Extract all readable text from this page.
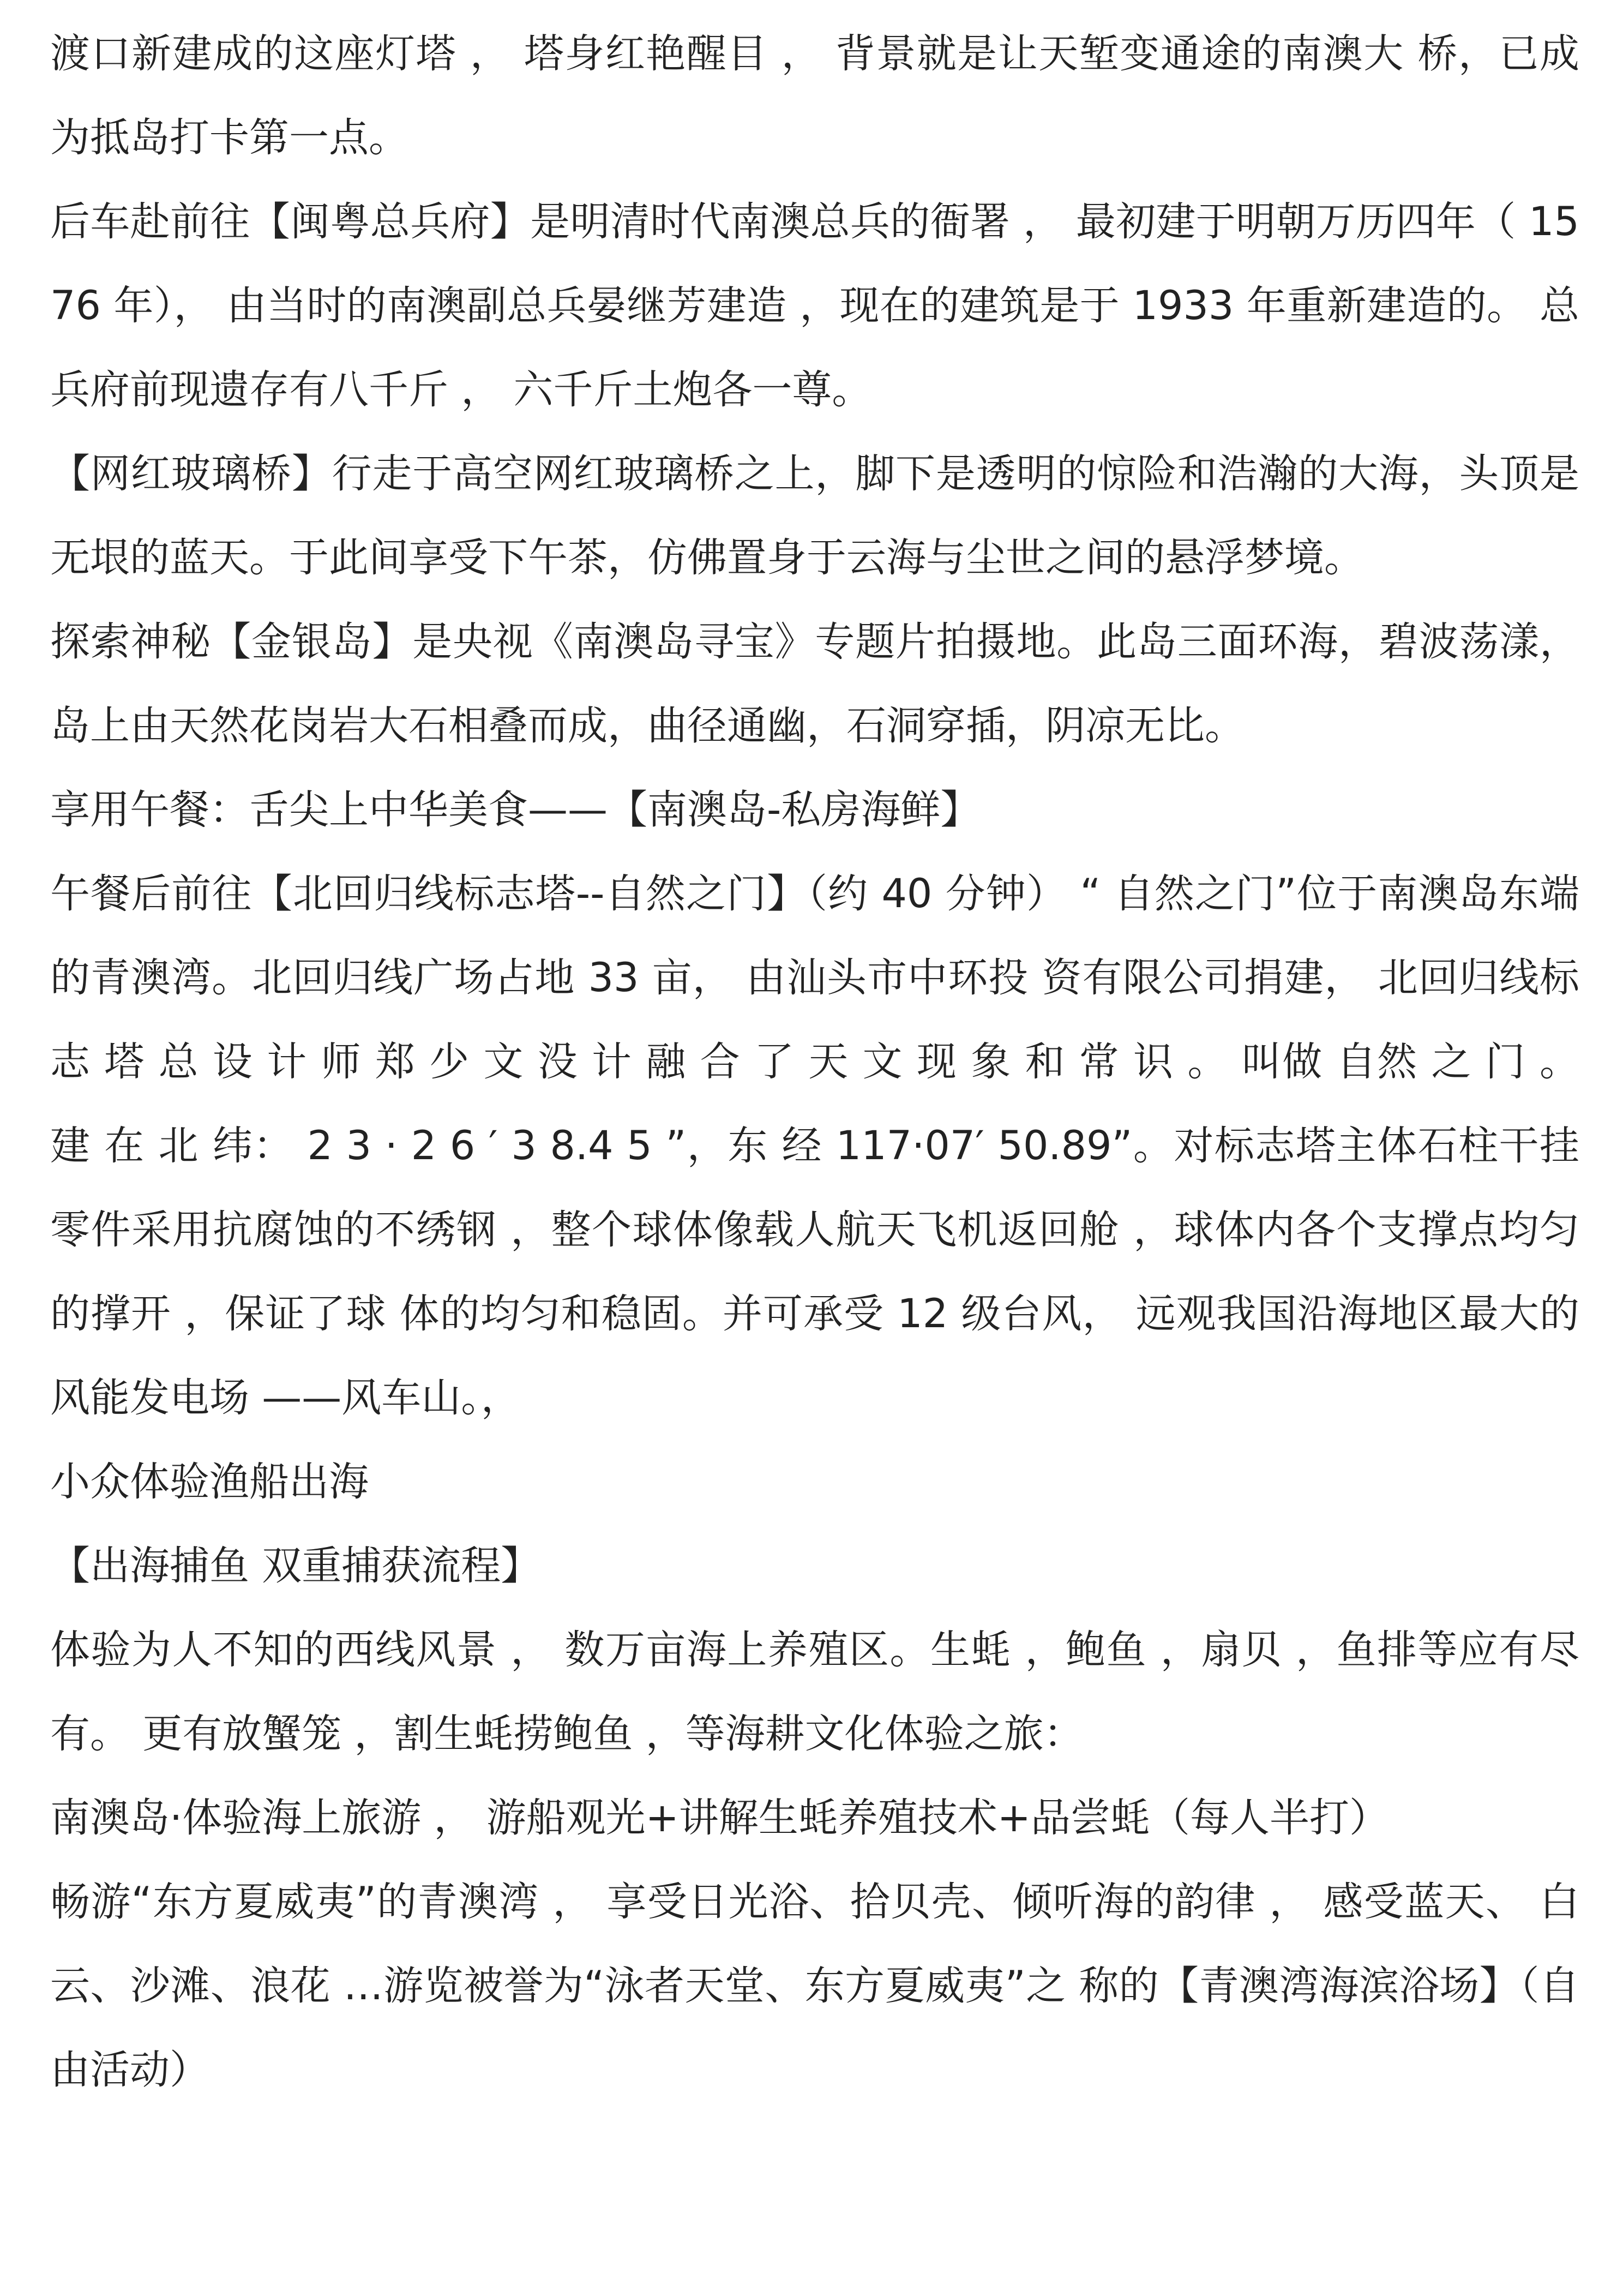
渡口新建成的这座灯塔 ， 塔身红艳醒目 ， 背景就是让天堑变通途的南澳大 桥，已成为抵岛打卡第一点。

后车赴前往【闽粤总兵府】是明清时代南澳总兵的衙署 ， 最初建于明朝万历四年（ 1576 年）， 由当时的南澳副总兵晏继芳建造 ，现在的建筑是于 1933 年重新建造的。 总兵府前现遗存有八千斤 ， 六千斤土炮各一尊。

【网红玻璃桥】行走于高空网红玻璃桥之上，脚下是透明的惊险和浩瀚的大海，头顶是无垠的蓝天。于此间享受下午茶，仿佛置身于云海与尘世之间的悬浮梦境。

探索神秘【金银岛】是央视《南澳岛寻宝》专题片拍摄地。此岛三面环海，碧波荡漾，岛上由天然花岗岩大石相叠而成，曲径通幽，石洞穿插，阴凉无比。

享用午餐：舌尖上中华美食——【南澳岛-私房海鲜】

午餐后前往【北回归线标志塔--自然之门】（约 40 分钟） “ 自然之门”位于南澳岛东端的青澳湾。北回归线广场占地 33 亩， 由汕头市中环投 资有限公司捐建， 北回归线标 志 塔 总 设 计 师 郑 少 文 没 计 融 合 了 天 文 现 象 和 常 识 。 叫做 自然 之 门 。 建 在 北 纬： 2 3 · 2 6 ′ 3 8.4 5 ”，东 经 117·07′ 50.89”。对标志塔主体石柱干挂零件采用抗腐蚀的不绣钢 ，整个球体像载人航天飞机返回舱 ，球体内各个支撑点均匀的撑开 ，保证了球 体的均匀和稳固。并可承受 12 级台风， 远观我国沿海地区最大的风能发电场 ——风车山。，

小众体验渔船出海

【出海捕鱼 双重捕获流程】

体验为人不知的西线风景 ， 数万亩海上养殖区。生蚝 ，鲍鱼 ，扇贝 ，鱼排等应有尽有。 更有放蟹笼 ，割生蚝捞鲍鱼 ，等海耕文化体验之旅：

南澳岛·体验海上旅游 ， 游船观光+讲解生蚝养殖技术+品尝蚝（每人半打）

畅游“东方夏威夷”的青澳湾 ， 享受日光浴、拾贝壳、倾听海的韵律 ， 感受蓝天、 白云、沙滩、浪花 …游览被誉为“泳者天堂、东方夏威夷”之 称的【青澳湾海滨浴场】（自由活动）
